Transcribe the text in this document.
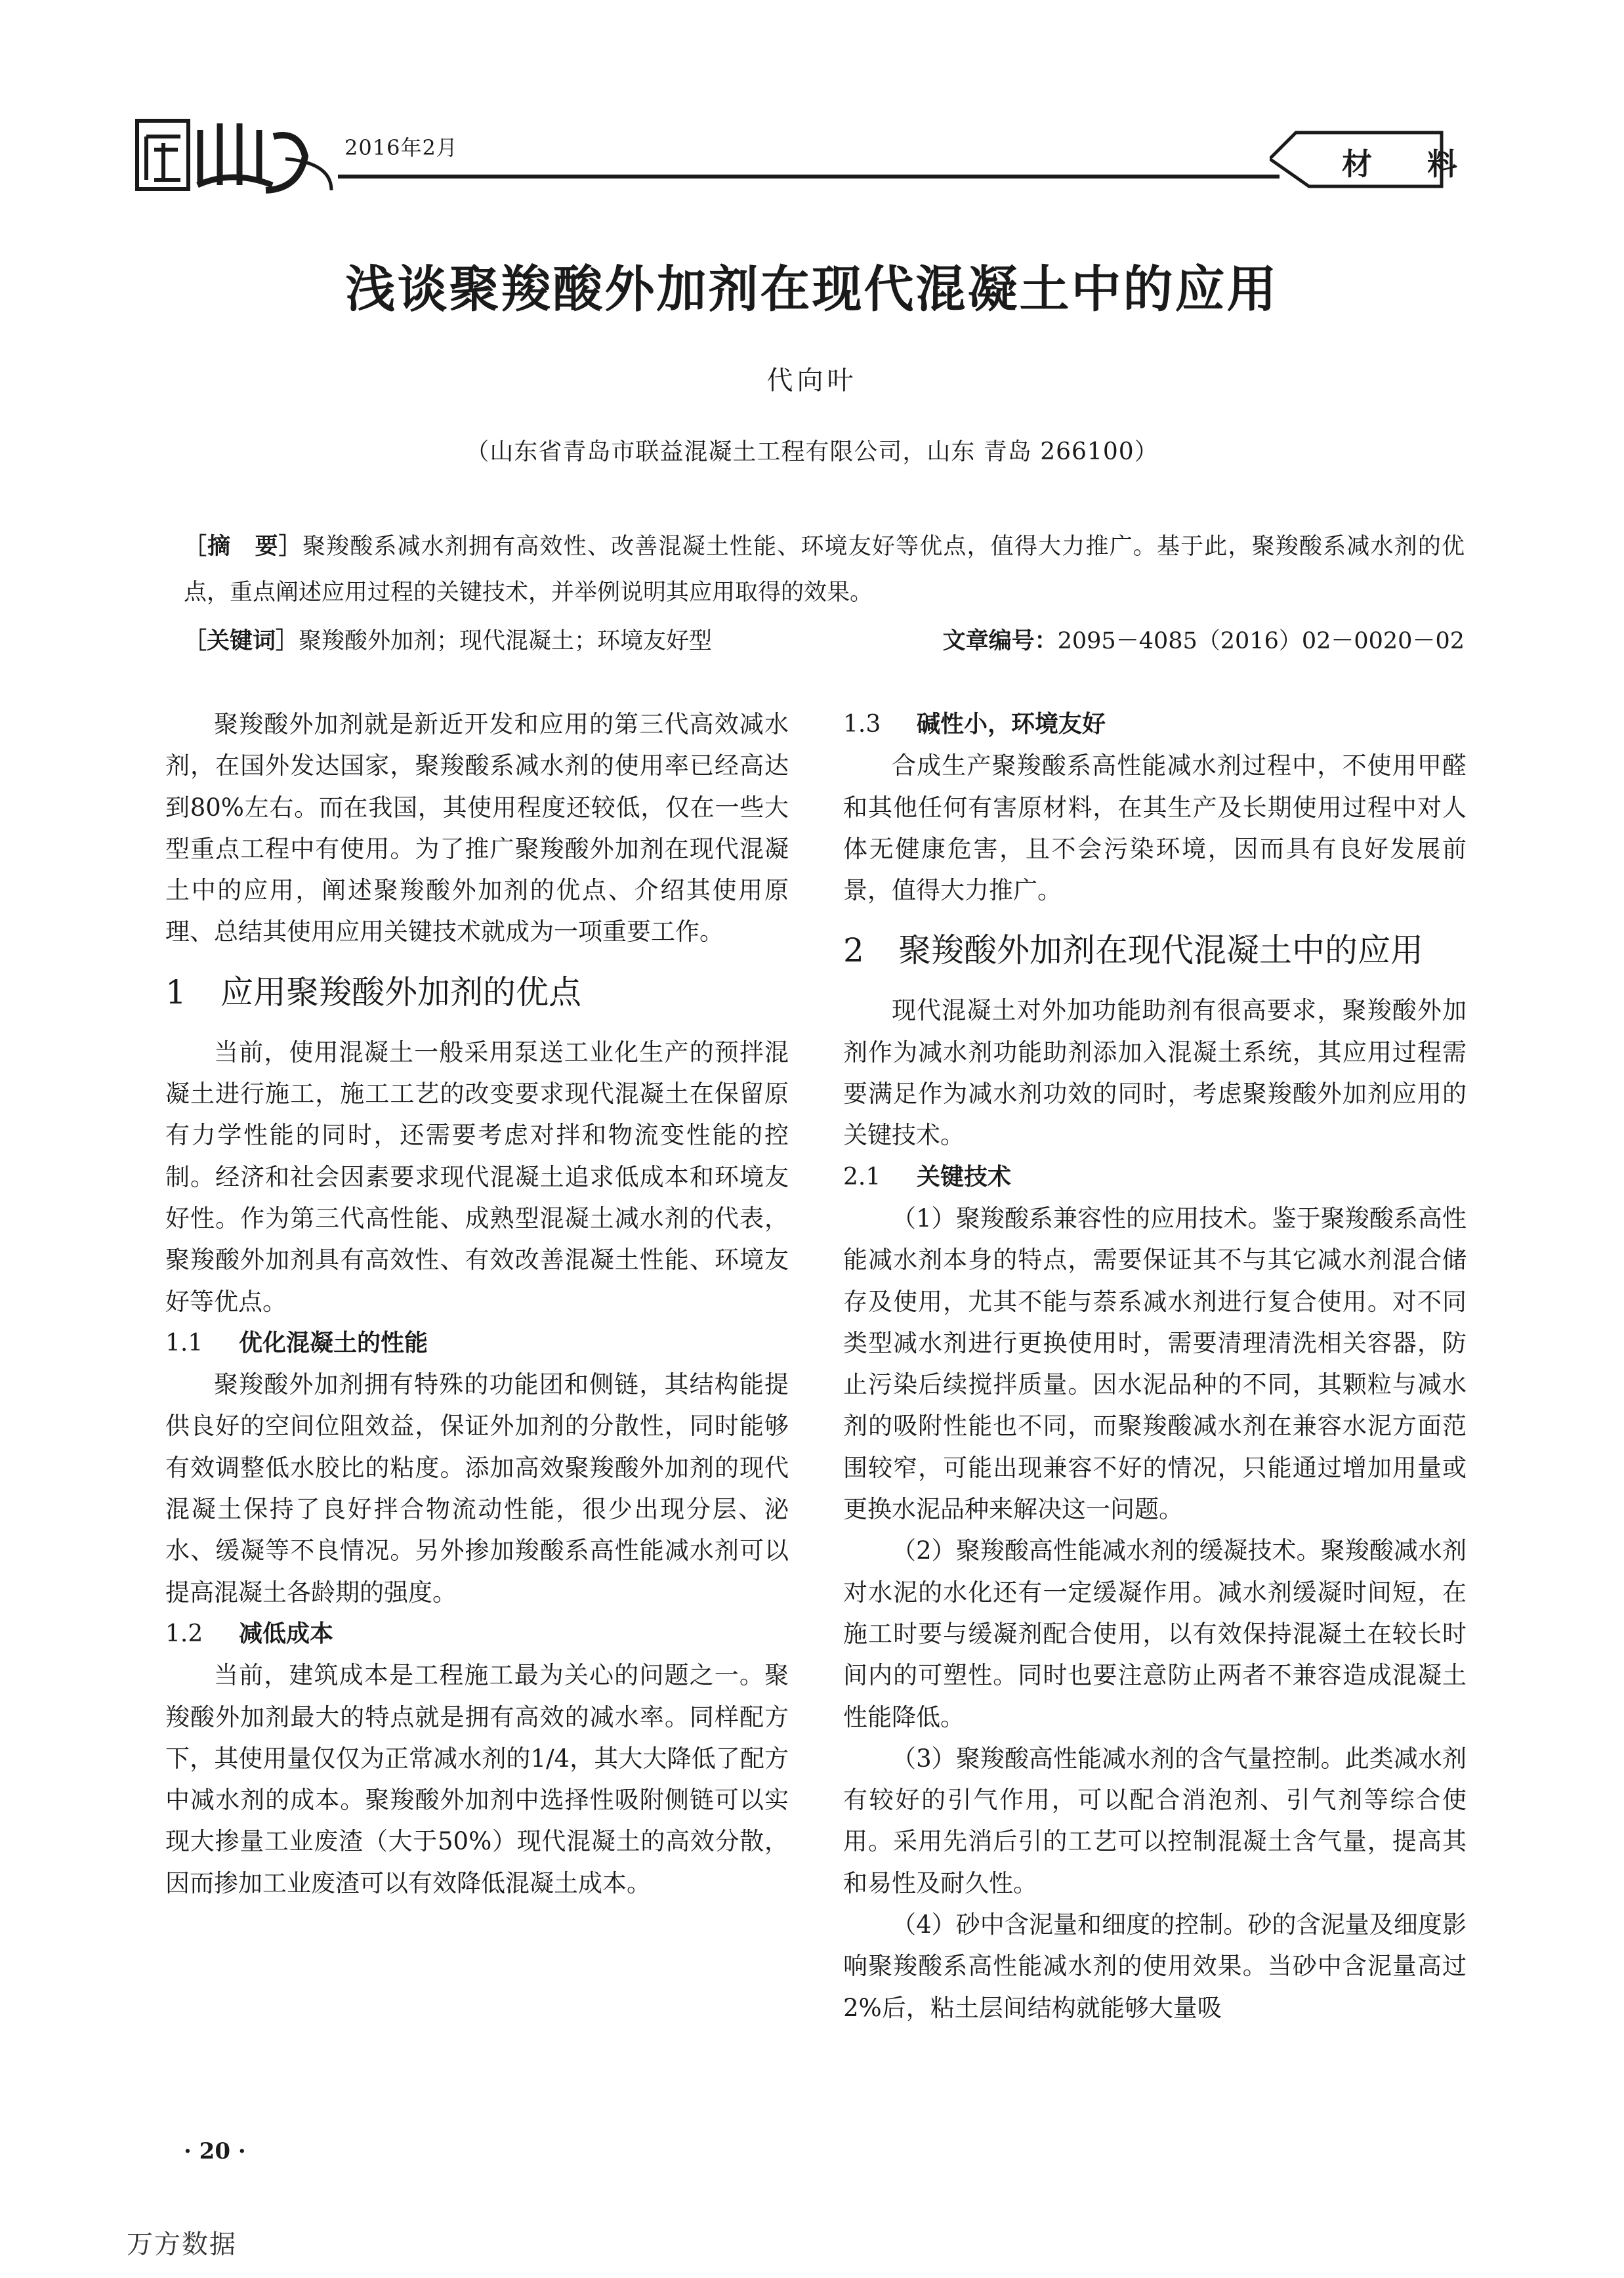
2016年2月	材 料
浅谈聚羧酸外加剂在现代混凝土中的应用
代向叶
（山东省青岛市联益混凝土工程有限公司，山东 青岛 266100）
［摘　要］聚羧酸系减水剂拥有高效性、改善混凝土性能、环境友好等优点，值得大力推广。基于此，聚羧酸系减水剂的优点，重点阐述应用过程的关键技术，并举例说明其应用取得的效果。
［关键词］聚羧酸外加剂；现代混凝土；环境友好型	文章编号：2095－4085（2016）02－0020－02

聚羧酸外加剂就是新近开发和应用的第三代高效减水剂，在国外发达国家，聚羧酸系减水剂的使用率已经高达到80%左右。而在我国，其使用程度还较低，仅在一些大型重点工程中有使用。为了推广聚羧酸外加剂在现代混凝土中的应用，阐述聚羧酸外加剂的优点、介绍其使用原理、总结其使用应用关键技术就成为一项重要工作。

1 应用聚羧酸外加剂的优点

当前，使用混凝土一般采用泵送工业化生产的预拌混凝土进行施工，施工工艺的改变要求现代混凝土在保留原有力学性能的同时，还需要考虑对拌和物流变性能的控制。经济和社会因素要求现代混凝土追求低成本和环境友好性。作为第三代高性能、成熟型混凝土减水剂的代表，聚羧酸外加剂具有高效性、有效改善混凝土性能、环境友好等优点。

1.1 优化混凝土的性能

聚羧酸外加剂拥有特殊的功能团和侧链，其结构能提供良好的空间位阻效益，保证外加剂的分散性，同时能够有效调整低水胶比的粘度。添加高效聚羧酸外加剂的现代混凝土保持了良好拌合物流动性能，很少出现分层、泌水、缓凝等不良情况。另外掺加羧酸系高性能减水剂可以提高混凝土各龄期的强度。

1.2 减低成本

当前，建筑成本是工程施工最为关心的问题之一。聚羧酸外加剂最大的特点就是拥有高效的减水率。同样配方下，其使用量仅仅为正常减水剂的1/4，其大大降低了配方中减水剂的成本。聚羧酸外加剂中选择性吸附侧链可以实现大掺量工业废渣（大于50%）现代混凝土的高效分散，因而掺加工业废渣可以有效降低混凝土成本。

1.3 碱性小，环境友好

合成生产聚羧酸系高性能减水剂过程中，不使用甲醛和其他任何有害原材料，在其生产及长期使用过程中对人体无健康危害，且不会污染环境，因而具有良好发展前景，值得大力推广。

2 聚羧酸外加剂在现代混凝土中的应用

现代混凝土对外加功能助剂有很高要求，聚羧酸外加剂作为减水剂功能助剂添加入混凝土系统，其应用过程需要满足作为减水剂功效的同时，考虑聚羧酸外加剂应用的关键技术。

2.1 关键技术

（1）聚羧酸系兼容性的应用技术。鉴于聚羧酸系高性能减水剂本身的特点，需要保证其不与其它减水剂混合储存及使用，尤其不能与萘系减水剂进行复合使用。对不同类型减水剂进行更换使用时，需要清理清洗相关容器，防止污染后续搅拌质量。因水泥品种的不同，其颗粒与减水剂的吸附性能也不同，而聚羧酸减水剂在兼容水泥方面范围较窄，可能出现兼容不好的情况，只能通过增加用量或更换水泥品种来解决这一问题。

（2）聚羧酸高性能减水剂的缓凝技术。聚羧酸减水剂对水泥的水化还有一定缓凝作用。减水剂缓凝时间短，在施工时要与缓凝剂配合使用，以有效保持混凝土在较长时间内的可塑性。同时也要注意防止两者不兼容造成混凝土性能降低。

（3）聚羧酸高性能减水剂的含气量控制。此类减水剂有较好的引气作用，可以配合消泡剂、引气剂等综合使用。采用先消后引的工艺可以控制混凝土含气量，提高其和易性及耐久性。

（4）砂中含泥量和细度的控制。砂的含泥量及细度影响聚羧酸系高性能减水剂的使用效果。当砂中含泥量高过2%后，粘土层间结构就能够大量吸

· 20 ·
万方数据
